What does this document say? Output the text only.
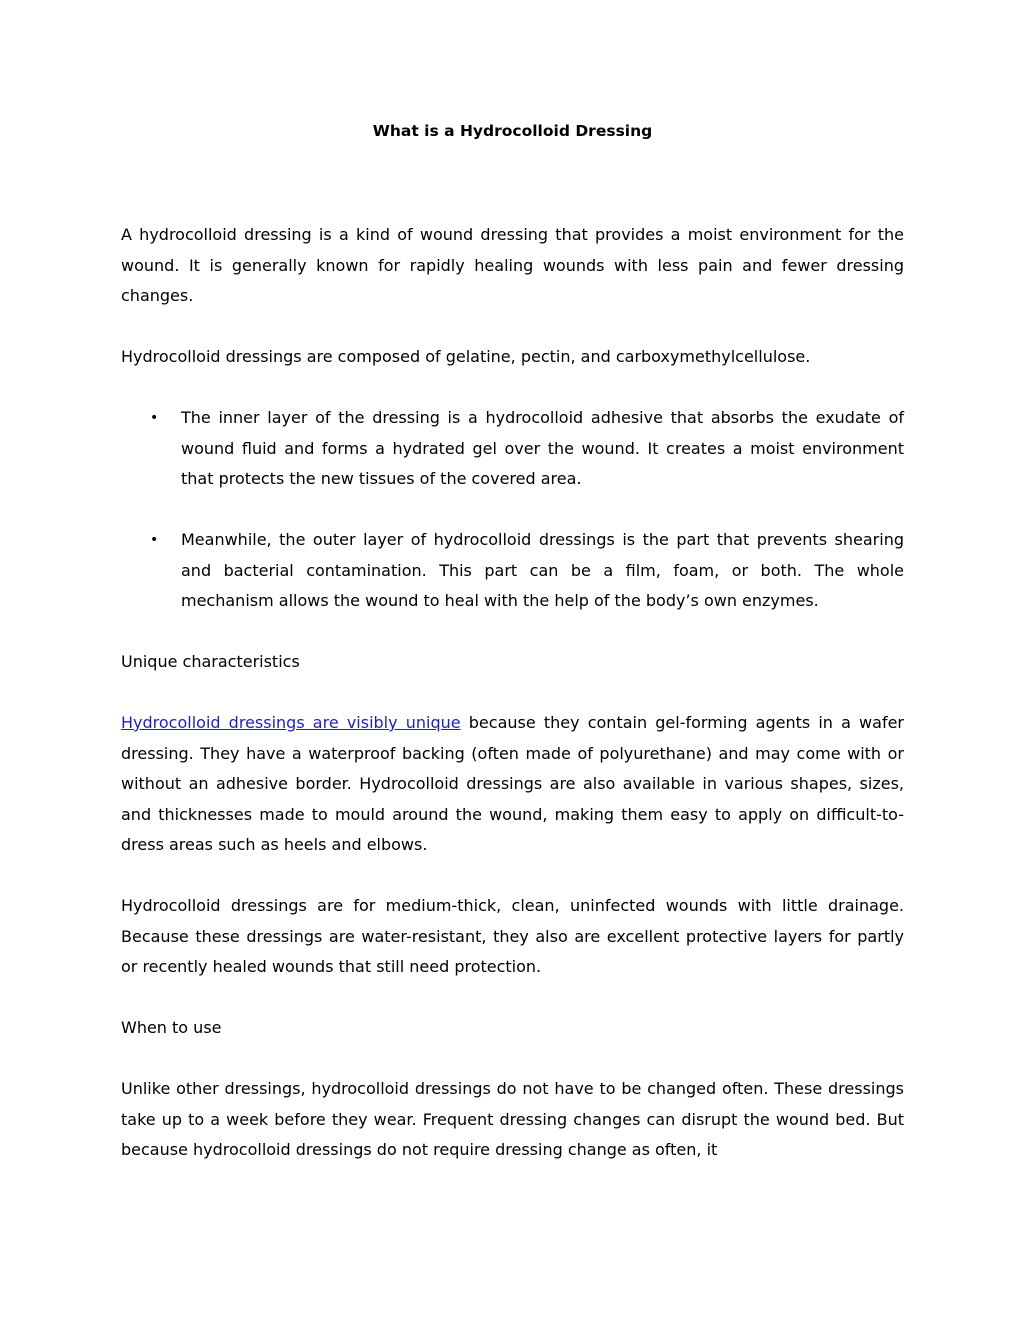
What is a Hydrocolloid Dressing

A hydrocolloid dressing is a kind of wound dressing that provides a moist environment for the wound. It is generally known for rapidly healing wounds with less pain and fewer dressing changes.

Hydrocolloid dressings are composed of gelatine, pectin, and carboxymethylcellulose.

• The inner layer of the dressing is a hydrocolloid adhesive that absorbs the exudate of wound fluid and forms a hydrated gel over the wound. It creates a moist environment that protects the new tissues of the covered area.
• Meanwhile, the outer layer of hydrocolloid dressings is the part that prevents shearing and bacterial contamination. This part can be a film, foam, or both. The whole mechanism allows the wound to heal with the help of the body’s own enzymes.

Unique characteristics

Hydrocolloid dressings are visibly unique because they contain gel-forming agents in a wafer dressing. They have a waterproof backing (often made of polyurethane) and may come with or without an adhesive border. Hydrocolloid dressings are also available in various shapes, sizes, and thicknesses made to mould around the wound, making them easy to apply on difficult-to-dress areas such as heels and elbows.

Hydrocolloid dressings are for medium-thick, clean, uninfected wounds with little drainage. Because these dressings are water-resistant, they also are excellent protective layers for partly or recently healed wounds that still need protection.

When to use

Unlike other dressings, hydrocolloid dressings do not have to be changed often. These dressings take up to a week before they wear. Frequent dressing changes can disrupt the wound bed. But because hydrocolloid dressings do not require dressing change as often, it
